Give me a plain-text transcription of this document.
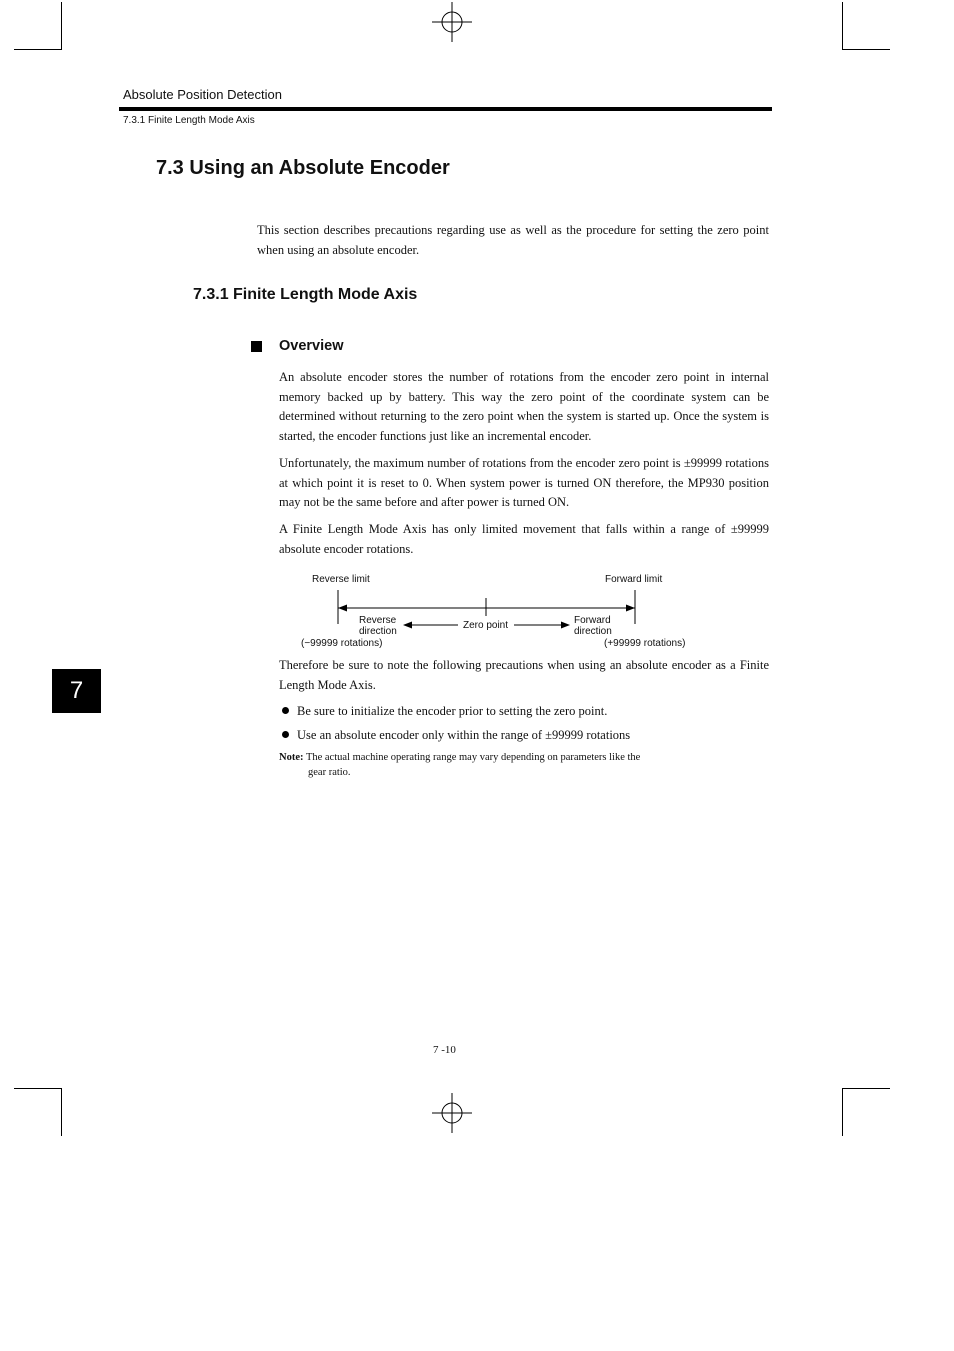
Absolute Position Detection
7.3.1 Finite Length Mode Axis
7.3 Using an Absolute Encoder
This section describes precautions regarding use as well as the procedure for setting the zero point when using an absolute encoder.
7.3.1 Finite Length Mode Axis
Overview
An absolute encoder stores the number of rotations from the encoder zero point in internal memory backed up by battery. This way the zero point of the coordinate system can be determined without returning to the zero point when the system is started up. Once the system is started, the encoder functions just like an incremental encoder.
Unfortunately, the maximum number of rotations from the encoder zero point is ±99999 rotations at which point it is reset to 0. When system power is turned ON therefore, the MP930 position may not be the same before and after power is turned ON.
A Finite Length Mode Axis has only limited movement that falls within a range of ±99999 absolute encoder rotations.
Reverse limit	Forward limit
Reverse
direction
Zero point	Forward
direction
(−99999 rotations)	(+99999 rotations)
Therefore be sure to note the following precautions when using an absolute encoder as a Finite Length Mode Axis.
Be sure to initialize the encoder prior to setting the zero point.
Use an absolute encoder only within the range of ±99999 rotations
Note: The actual machine operating range may vary depending on parameters like the
gear ratio.
7
7 -10
